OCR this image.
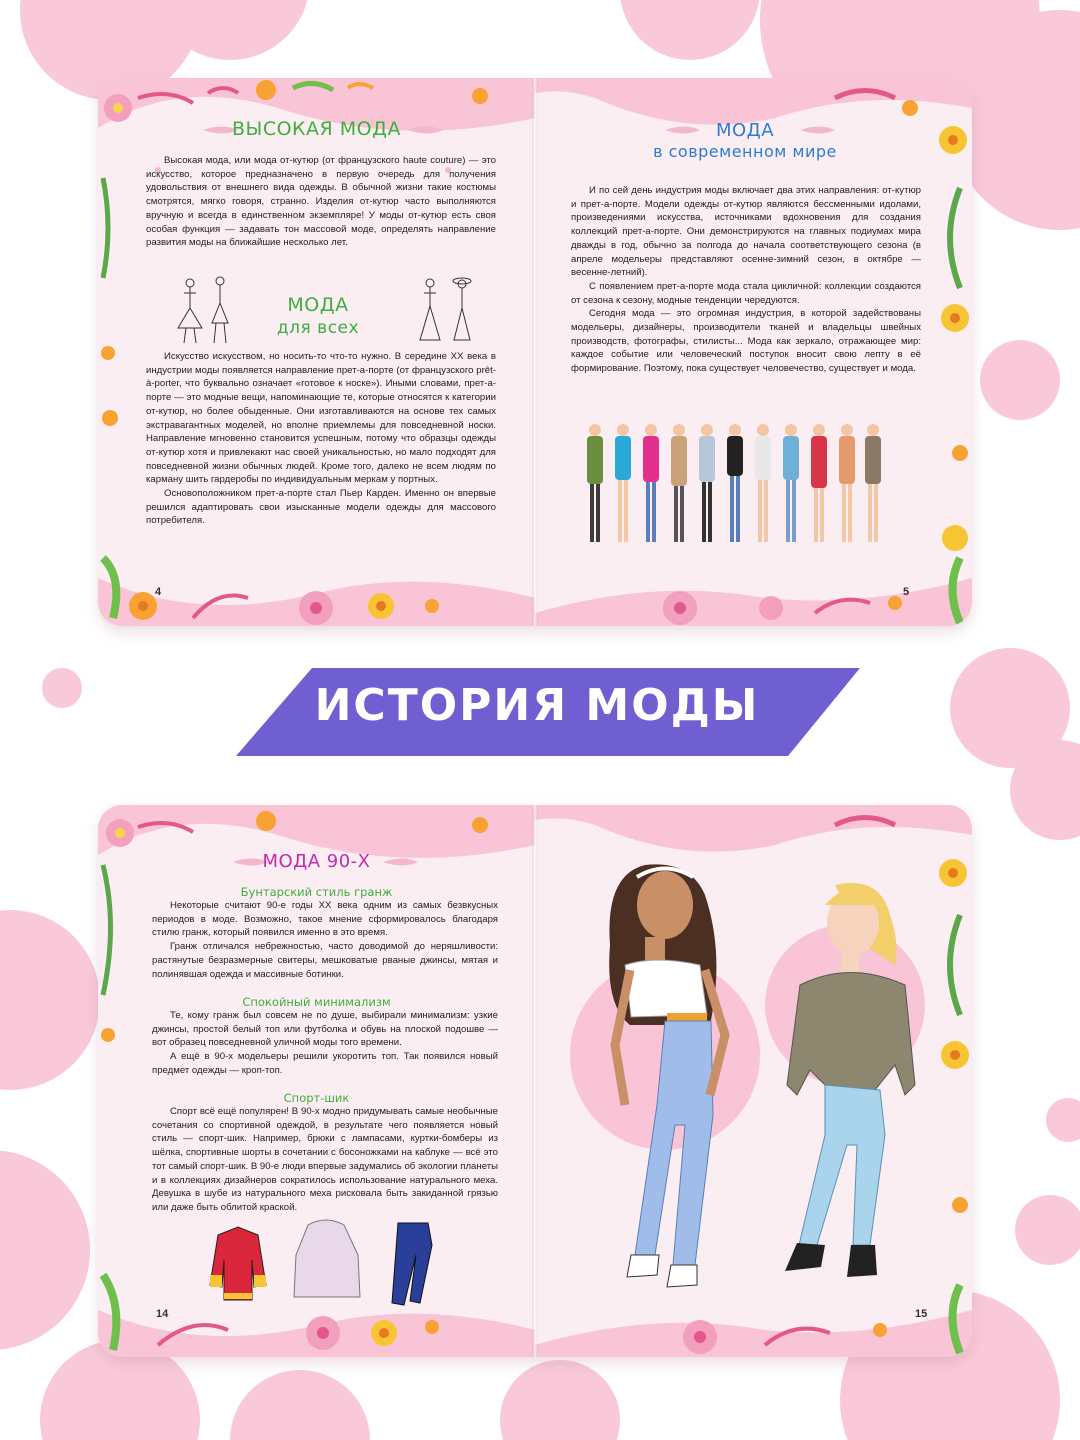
ВЫСОКАЯ МОДА

Высокая мода, или мода от-кутюр (от французского haute couture) — это искусство, которое предназначено в первую очередь для получения удовольствия от внешнего вида одежды. В обычной жизни такие костюмы смотрятся, мягко говоря, странно. Изделия от-кутюр часто выполняются вручную и всегда в единственном экземпляре! У моды от-кутюр есть своя особая функция — задавать тон массовой моде, определять направление развития моды на ближайшие несколько лет.

МОДА
для всех

Искусство искусством, но носить-то что-то нужно. В середине XX века в индустрии моды появляется направление прет-а-порте (от французского prêt-à-porter, что буквально означает «готовое к носке»). Иными словами, прет-а-порте — это модные вещи, напоминающие те, которые относятся к категории от-кутюр, но более обыденные. Они изготавливаются на основе тех самых экстравагантных моделей, но вполне приемлемы для повседневной носки. Направление мгновенно становится успешным, потому что образцы одежды от-кутюр хотя и привлекают нас своей уникальностью, но мало подходят для повседневной жизни обычных людей. Кроме того, далеко не всем людям по карману шить гардеробы по индивидуальным меркам у портных.

Основоположником прет-а-порте стал Пьер Карден. Именно он впервые решился адаптировать свои изысканные модели одежды для массового потребителя.

4
МОДА
в современном мире

И по сей день индустрия моды включает два этих направления: от-кутюр и прет-а-порте. Модели одежды от-кутюр являются бессменными идолами, произведениями искусства, источниками вдохновения для создания коллекций прет-а-порте. Они демонстрируются на главных подиумах мира дважды в год, обычно за полгода до начала соответствующего сезона (в апреле модельеры представляют осенне-зимний сезон, в октябре — весенне-летний).

С появлением прет-а-порте мода стала цикличной: коллекции создаются от сезона к сезону, модные тенденции чередуются.

Сегодня мода — это огромная индустрия, в которой задействованы модельеры, дизайнеры, производители тканей и владельцы швейных производств, фотографы, стилисты... Мода как зеркало, отражающее мир: каждое событие или человеческий поступок вносит свою лепту в её формирование. Поэтому, пока существует человечество, существует и мода.

5
ИСТОРИЯ МОДЫ
МОДА 90-Х
Бунтарский стиль гранж

Некоторые считают 90-е годы XX века одним из самых безвкусных периодов в моде. Возможно, такое мнение сформировалось благодаря стилю гранж, который появился именно в это время.

Гранж отличался небрежностью, часто доводимой до неряшливости: растянутые безразмерные свитеры, мешковатые рваные джинсы, мятая и полинявшая одежда и массивные ботинки.

Спокойный минимализм

Те, кому гранж был совсем не по душе, выбирали минимализм: узкие джинсы, простой белый топ или футболка и обувь на плоской подошве — вот образец повседневной уличной моды того времени.

А ещё в 90-х модельеры решили укоротить топ. Так появился новый предмет одежды — кроп-топ.

Спорт-шик

Спорт всё ещё популярен! В 90-х модно придумывать самые необычные сочетания со спортивной одеждой, в результате чего появляется новый стиль — спорт-шик. Например, брюки с лампасами, куртки-бомберы из шёлка, спортивные шорты в сочетании с босоножками на каблуке — всё это тот самый спорт-шик. В 90-е люди впервые задумались об экологии планеты и в коллекциях дизайнеров сократилось использование натурального меха. Девушка в шубе из натурального меха рисковала быть закиданной грязью или даже быть облитой краской.

14	15
